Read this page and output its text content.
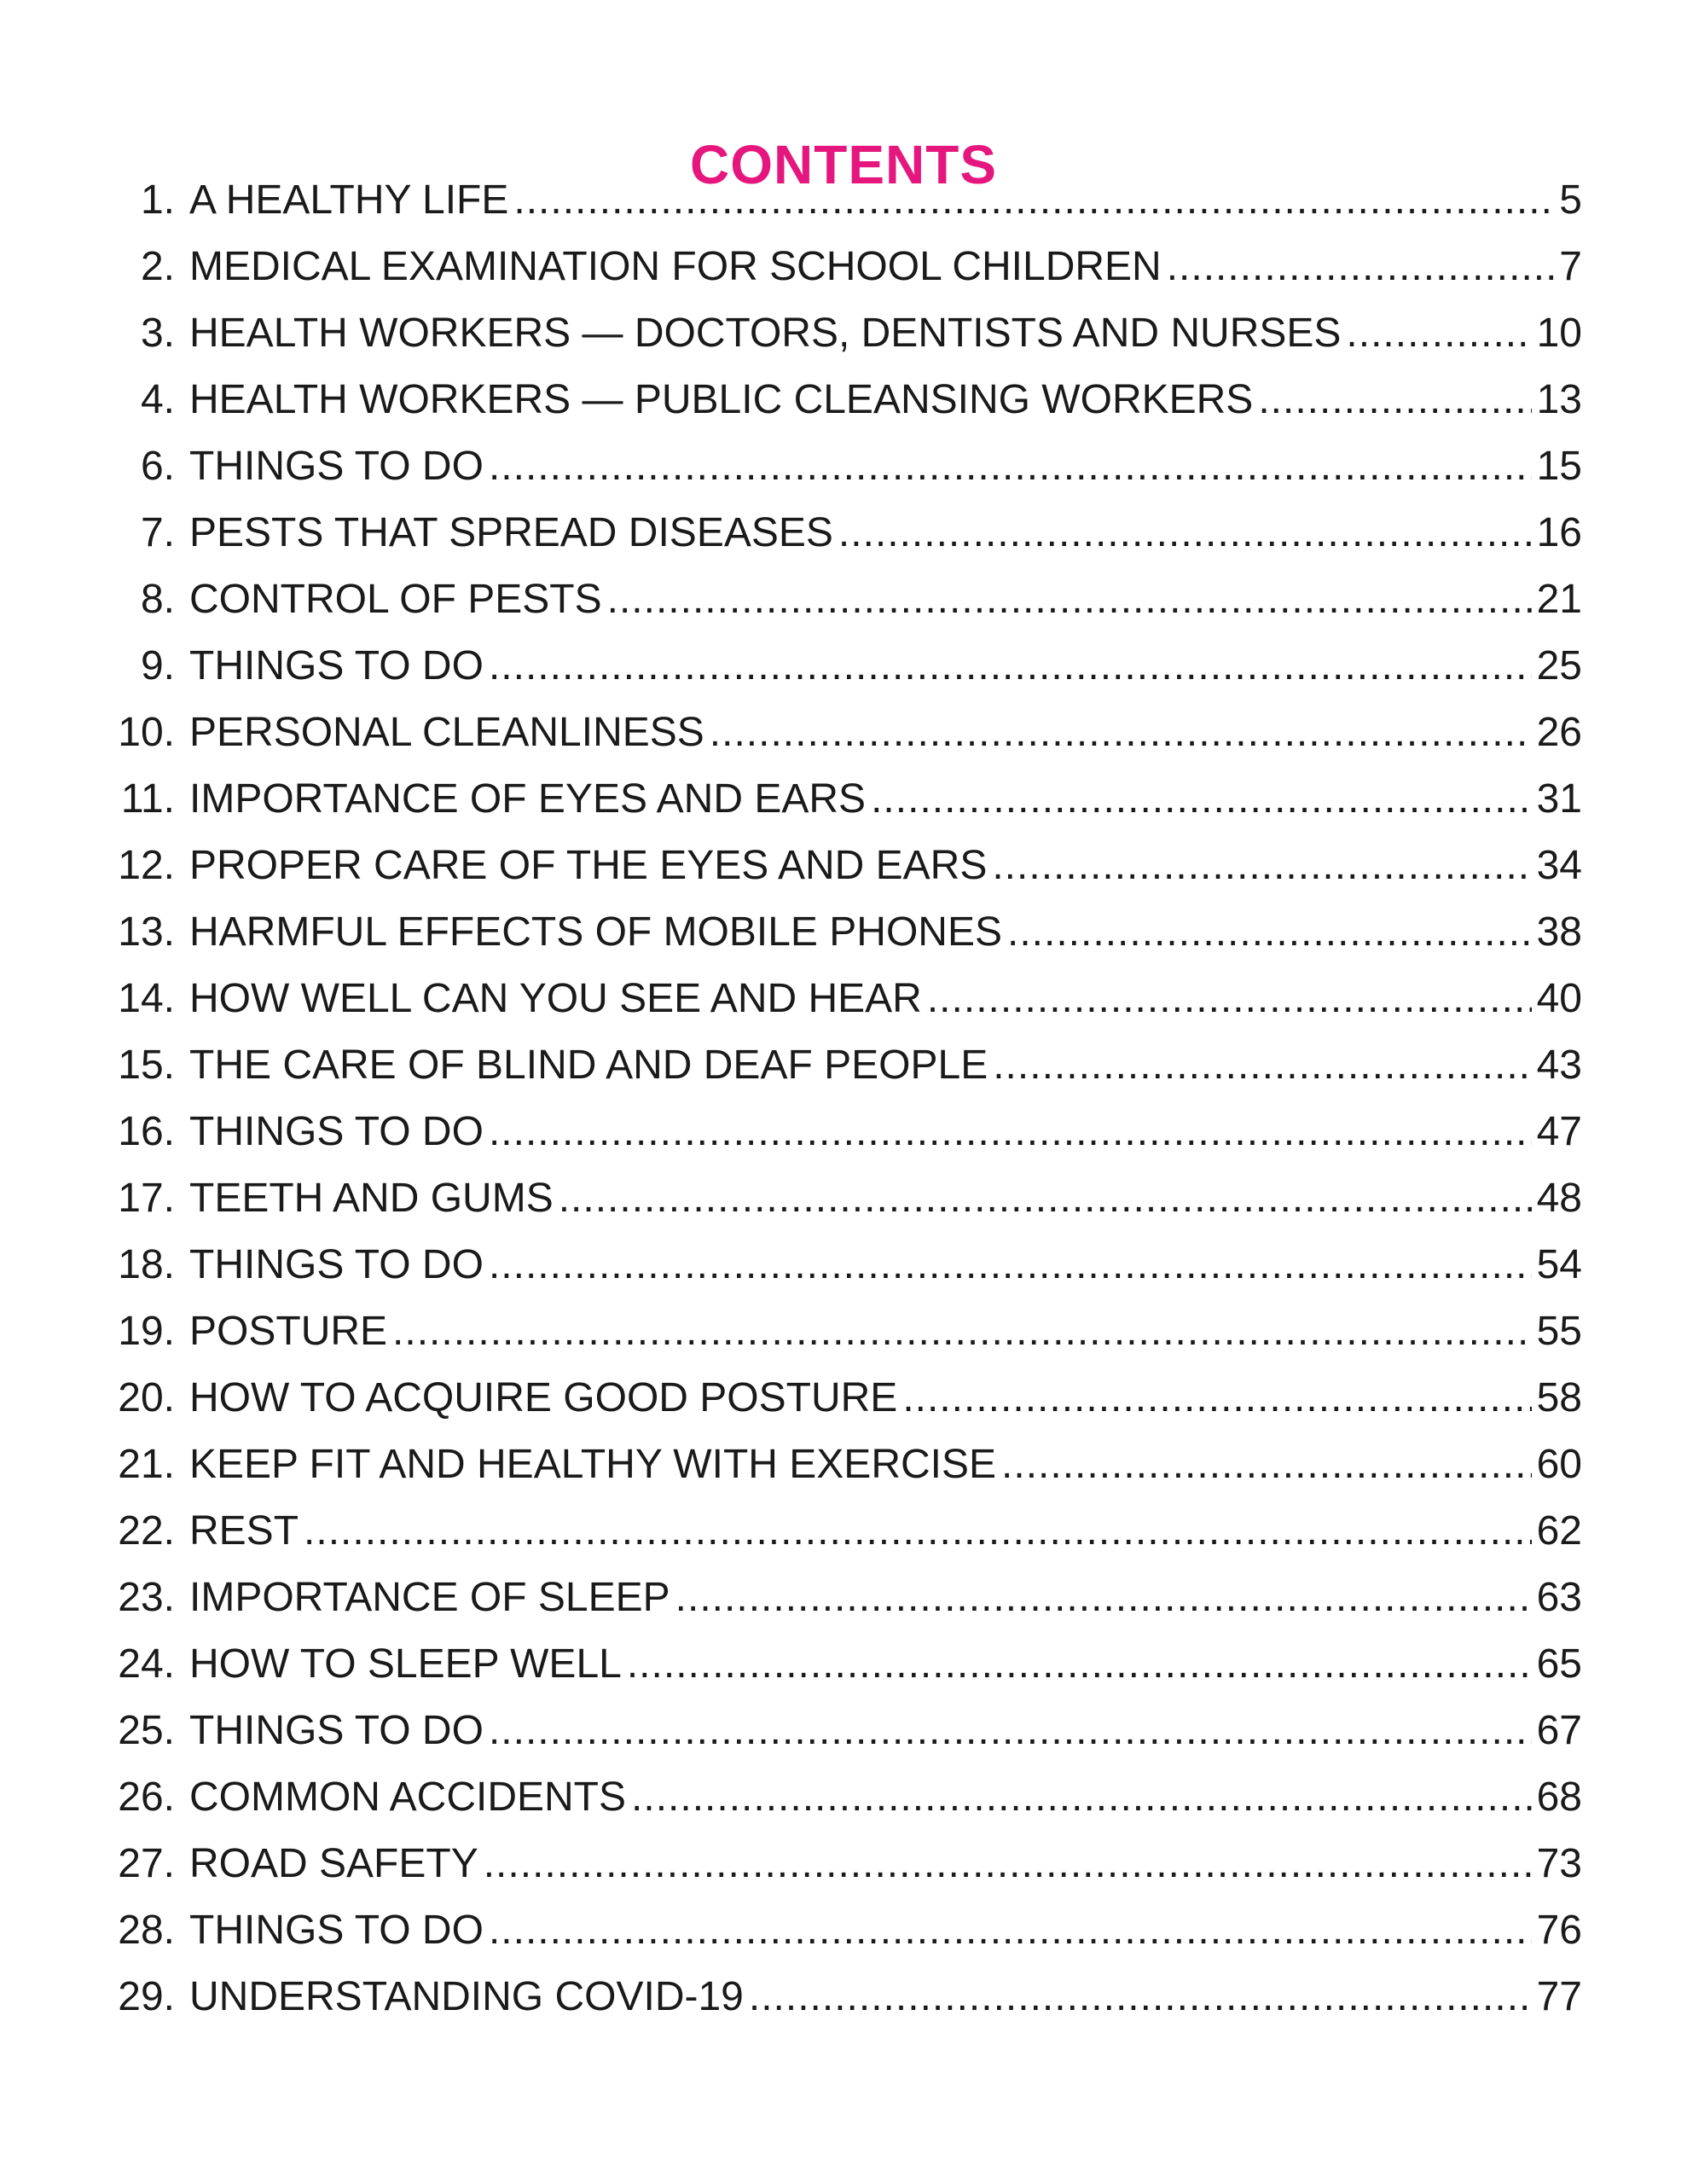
CONTENTS
1. A HEALTHY LIFE .....	5
2. MEDICAL EXAMINATION FOR SCHOOL CHILDREN .....	7
3. HEALTH WORKERS — DOCTORS, DENTISTS AND NURSES .....	10
4. HEALTH WORKERS — PUBLIC CLEANSING WORKERS .....	13
6. THINGS TO DO .....	15
7. PESTS THAT SPREAD DISEASES .....	16
8. CONTROL OF PESTS .....	21
9. THINGS TO DO .....	25
10. PERSONAL CLEANLINESS .....	26
11. IMPORTANCE OF EYES AND EARS .....	31
12. PROPER CARE OF THE EYES AND EARS .....	34
13. HARMFUL EFFECTS OF MOBILE PHONES .....	38
14. HOW WELL CAN YOU SEE AND HEAR .....	40
15. THE CARE OF BLIND AND DEAF PEOPLE .....	43
16. THINGS TO DO .....	47
17. TEETH AND GUMS .....	48
18. THINGS TO DO .....	54
19. POSTURE .....	55
20. HOW TO ACQUIRE GOOD POSTURE .....	58
21. KEEP FIT AND HEALTHY WITH EXERCISE .....	60
22. REST .....	62
23. IMPORTANCE OF SLEEP .....	63
24. HOW TO SLEEP WELL .....	65
25. THINGS TO DO .....	67
26. COMMON ACCIDENTS .....	68
27. ROAD SAFETY .....	73
28. THINGS TO DO .....	76
29. UNDERSTANDING COVID-19 .....	77
